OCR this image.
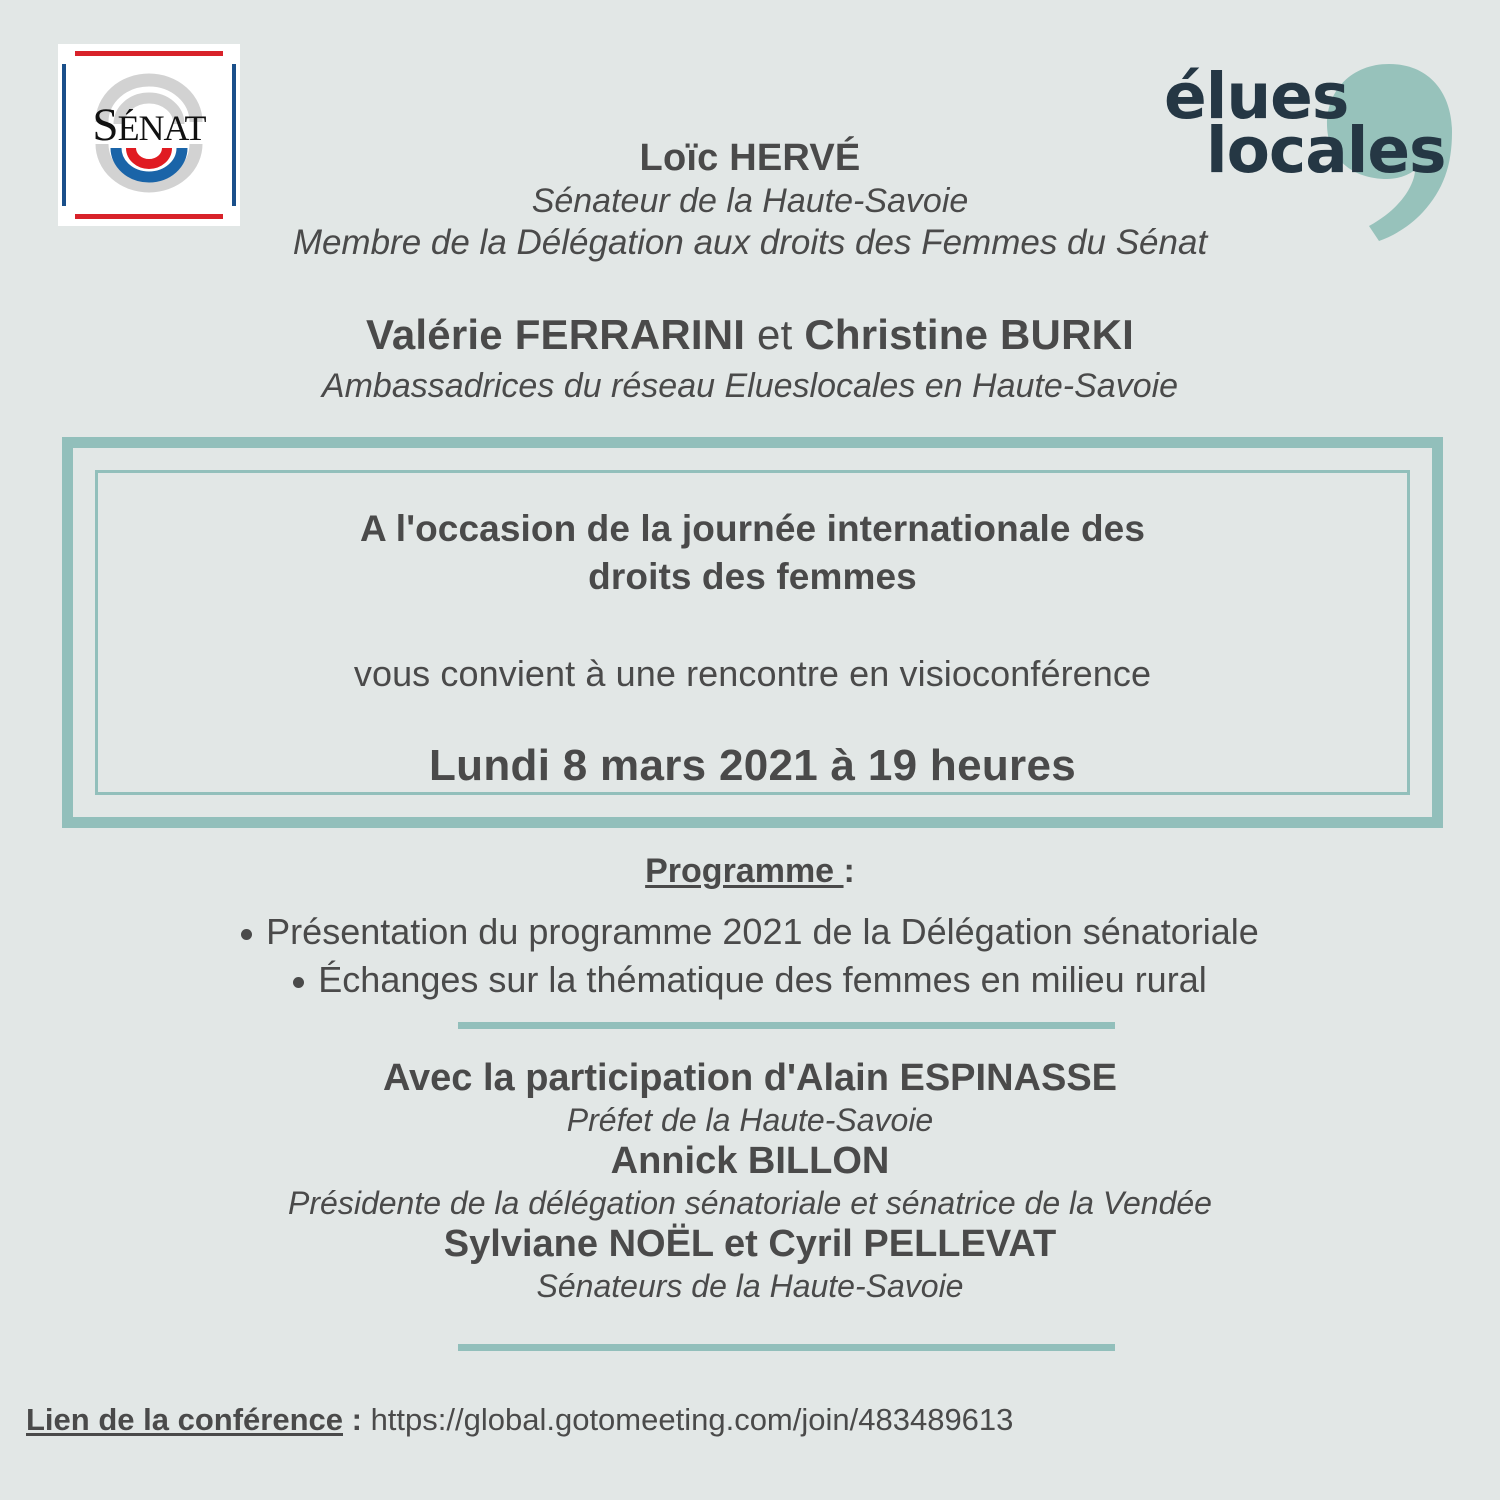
SÉNAT	élues
locales
Loïc HERVÉ
Sénateur de la Haute-Savoie
Membre de la Délégation aux droits des Femmes du Sénat
Valérie FERRARINI et Christine BURKI
Ambassadrices du réseau Elueslocales en Haute-Savoie
A l'occasion de la journée internationale des
droits des femmes
vous convient à une rencontre en visioconférence
Lundi 8 mars 2021 à 19 heures
Programme :
Présentation du programme 2021 de la Délégation sénatoriale
Échanges sur la thématique des femmes en milieu rural
Avec la participation d'Alain ESPINASSE
Préfet de la Haute-Savoie
Annick BILLON
Présidente de la délégation sénatoriale et sénatrice de la Vendée
Sylviane NOËL et Cyril PELLEVAT
Sénateurs de la Haute-Savoie
Lien de la conférence : https://global.gotomeeting.com/join/483489613
